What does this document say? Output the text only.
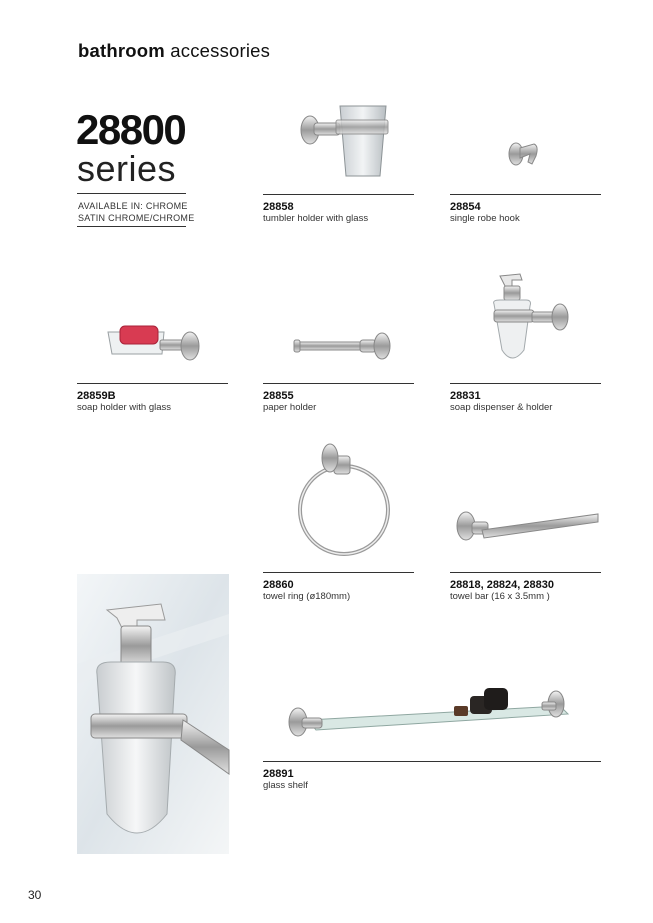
bathroom accessories
28800
series
AVAILABLE IN: CHROME
SATIN CHROME/CHROME
28858
tumbler holder with glass
28854
single robe hook
28859B
soap holder with glass
28855
paper holder
28831
soap dispenser & holder
28860
towel ring (ø180mm)
28818, 28824, 28830
towel bar (16 x 3.5mm )
28891
glass shelf
30
